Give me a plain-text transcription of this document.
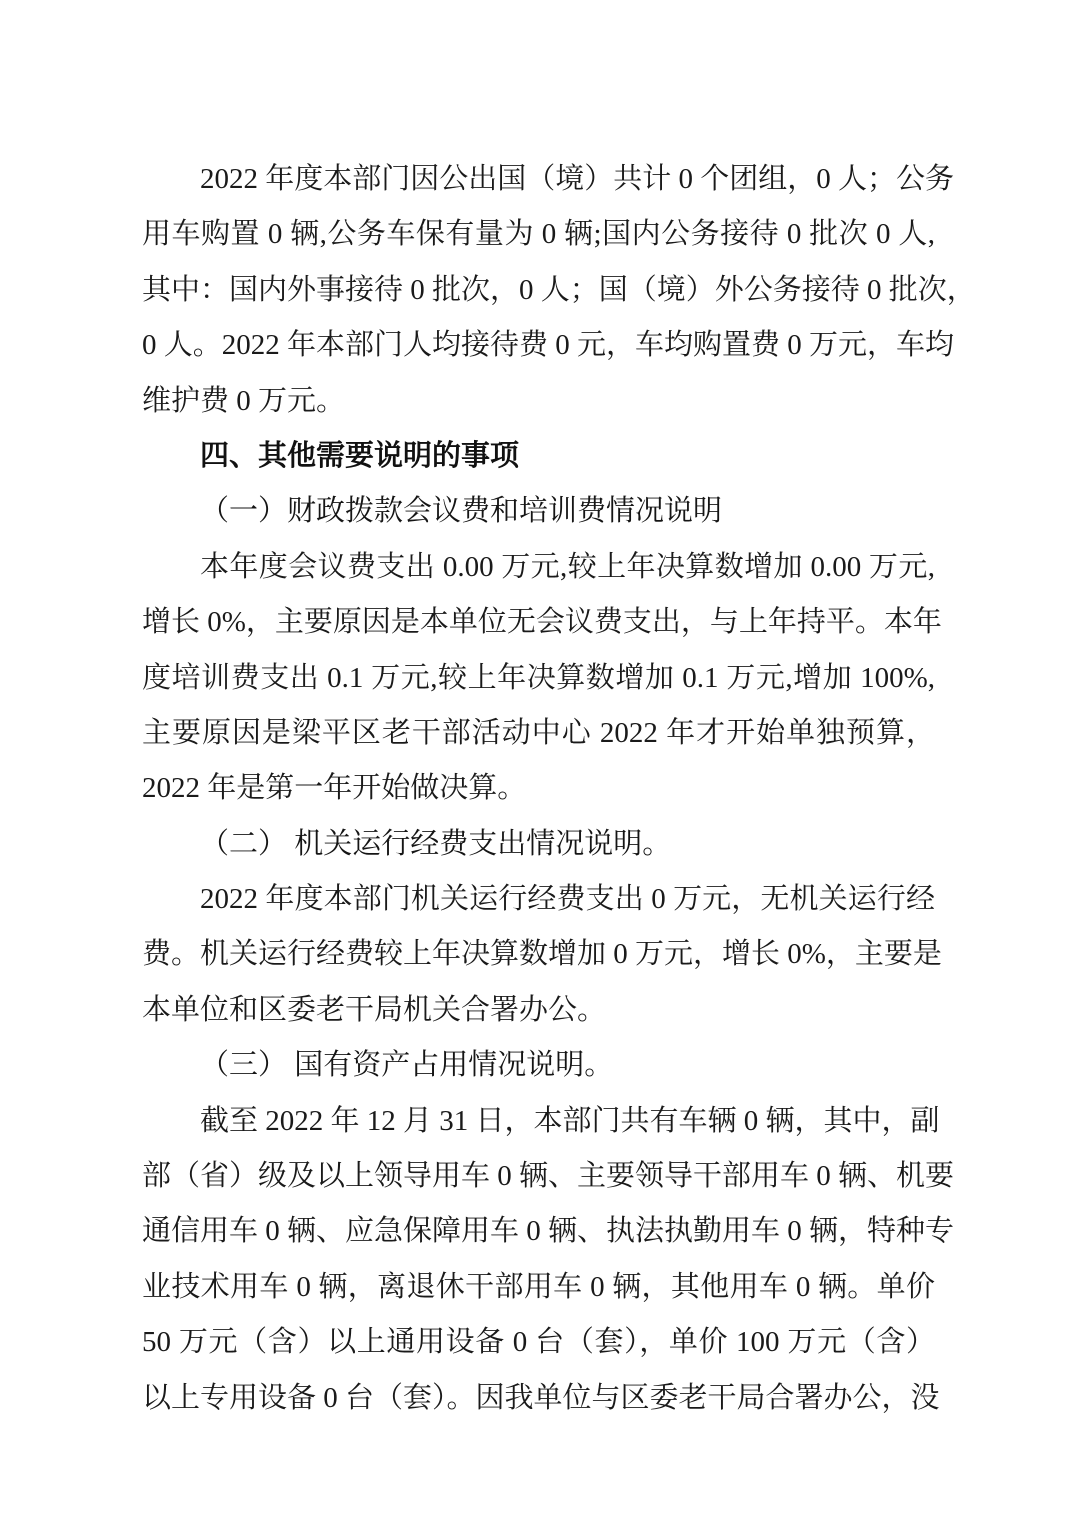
2022 年度本部门因公出国（境）共计 0 个团组，0 人；公务
用车购置 0 辆,公务车保有量为 0 辆;国内公务接待 0 批次 0 人,
其中：国内外事接待 0 批次，0 人；国（境）外公务接待 0 批次，
0 人。2022 年本部门人均接待费 0 元，车均购置费 0 万元，车均
维护费 0 万元。
四、其他需要说明的事项
（一）财政拨款会议费和培训费情况说明
本年度会议费支出 0.00 万元,较上年决算数增加 0.00 万元,
增长 0%，主要原因是本单位无会议费支出，与上年持平。本年
度培训费支出 0.1 万元,较上年决算数增加 0.1 万元,增加 100%,
主要原因是梁平区老干部活动中心 2022 年才开始单独预算，
2022 年是第一年开始做决算。
（二） 机关运行经费支出情况说明。
2022 年度本部门机关运行经费支出 0 万元，无机关运行经
费。机关运行经费较上年决算数增加 0 万元，增长 0%，主要是
本单位和区委老干局机关合署办公。
（三） 国有资产占用情况说明。
截至 2022 年 12 月 31 日，本部门共有车辆 0 辆，其中，副
部（省）级及以上领导用车 0 辆、主要领导干部用车 0 辆、机要
通信用车 0 辆、应急保障用车 0 辆、执法执勤用车 0 辆，特种专
业技术用车 0 辆，离退休干部用车 0 辆，其他用车 0 辆。单价
50 万元（含）以上通用设备 0 台（套），单价 100 万元（含）
以上专用设备 0 台（套）。因我单位与区委老干局合署办公，没
